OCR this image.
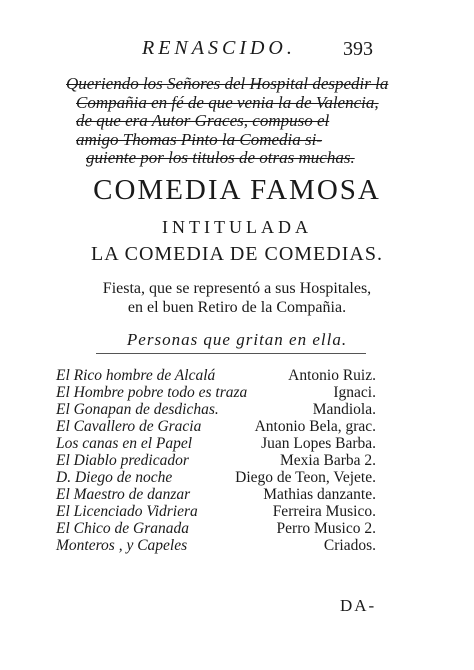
RENASCIDO. 393
Queriendo los Señores del Hospital despedir la
Compañia en fé de que venia la de Valencia,
de que era Autor Graces, compuso el
amigo Thomas Pinto la Comedia si-
guiente por los titulos de otras muchas.
COMEDIA FAMOSA
INTITULADA
LA COMEDIA DE COMEDIAS.
Fiesta, que se representó a sus Hospitales,
en el buen Retiro de la Compañia.
Personas que gritan en ella.
El Rico hombre de Alcalá	Antonio Ruiz.
El Hombre pobre todo es traza	Ignaci.
El Gonapan de desdichas.	Mandiola.
El Cavallero de Gracia	Antonio Bela, grac.
Los canas en el Papel	Juan Lopes Barba.
El Diablo predicador	Mexia Barba 2.
D. Diego de noche	Diego de Teon, Vejete.
El Maestro de danzar	Mathias danzante.
El Licenciado Vidriera	Ferreira Musico.
El Chico de Granada	Perro Musico 2.
Monteros , y Capeles	Criados.
DA-
